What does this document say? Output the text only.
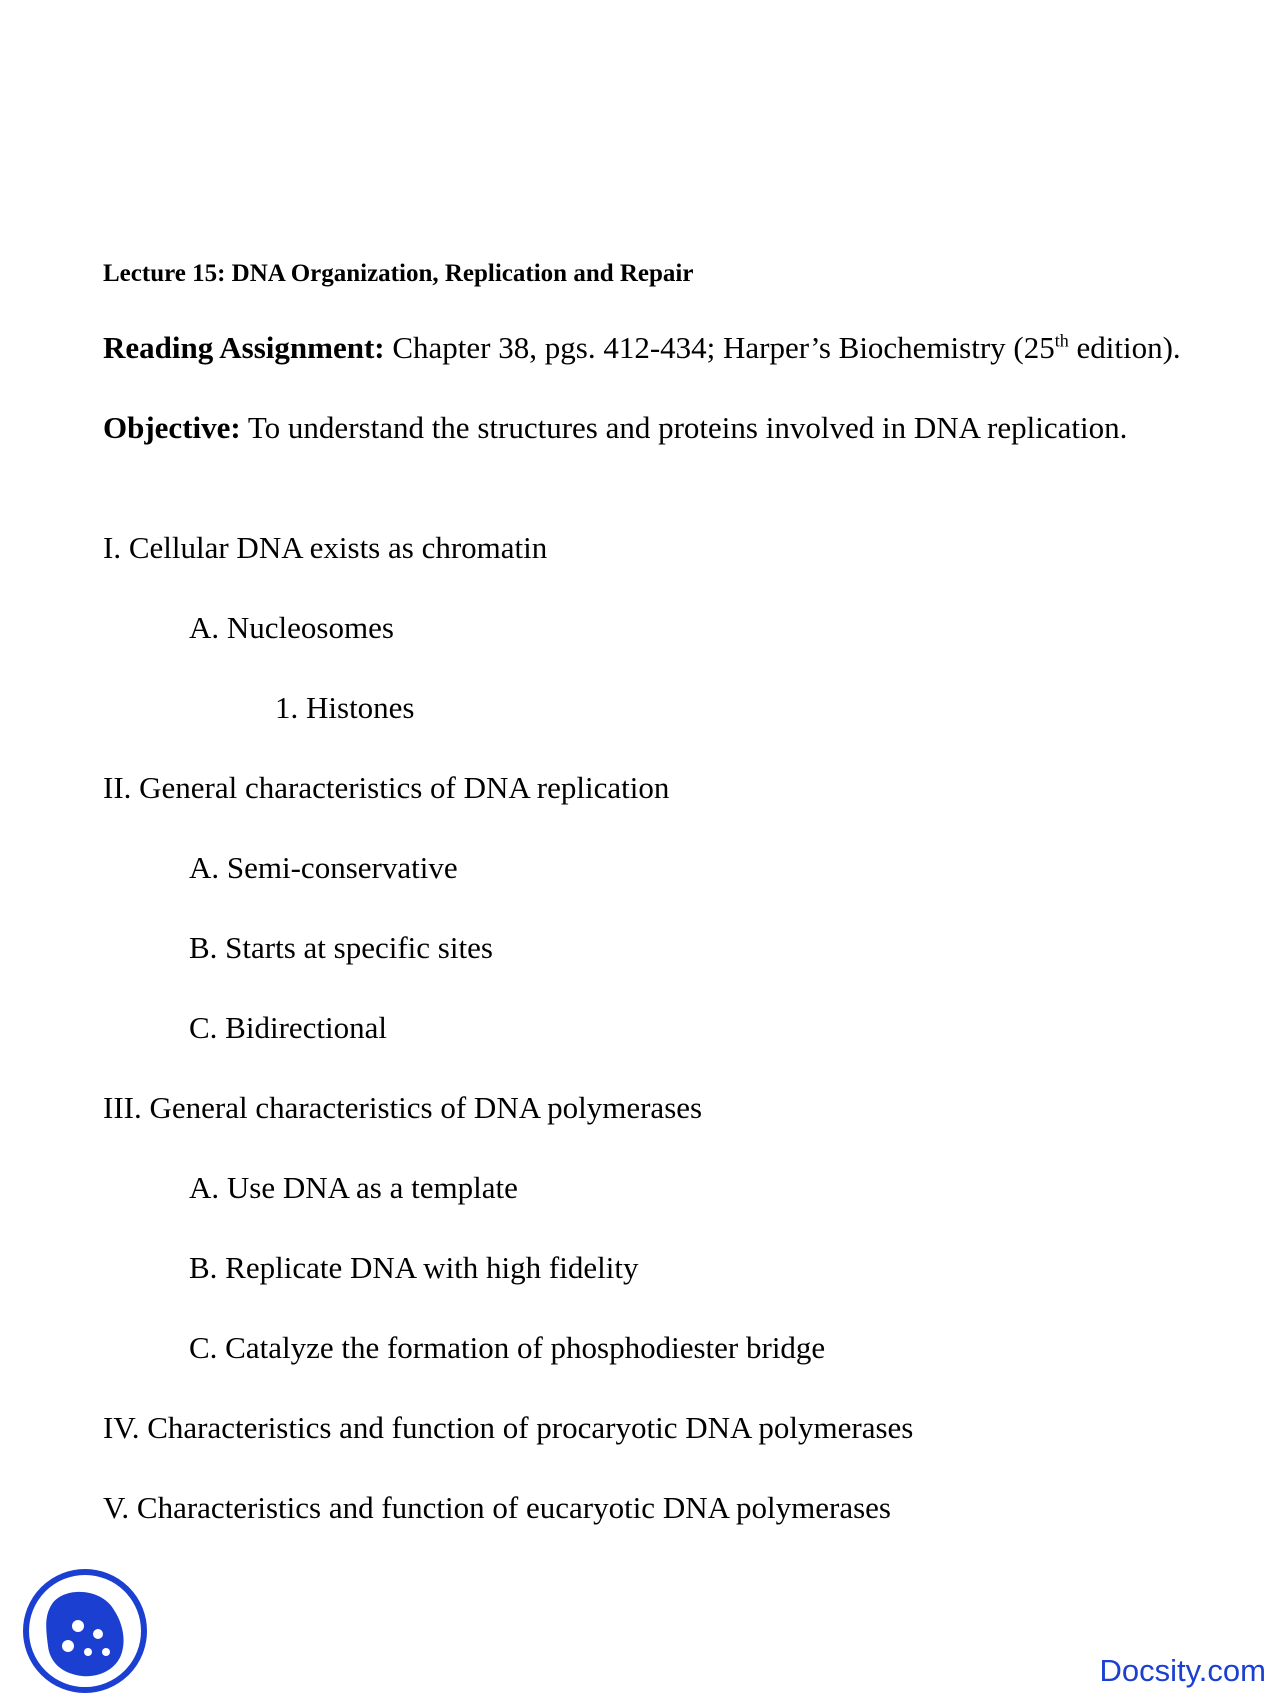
Lecture 15: DNA Organization, Replication and Repair
Reading Assignment: Chapter 38, pgs. 412-434; Harper’s Biochemistry (25th edition).
Objective: To understand the structures and proteins involved in DNA replication.
I. Cellular DNA exists as chromatin
A. Nucleosomes
1. Histones
II. General characteristics of DNA replication
A. Semi-conservative
B. Starts at specific sites
C. Bidirectional
III. General characteristics of DNA polymerases
A. Use DNA as a template
B. Replicate DNA with high fidelity
C. Catalyze the formation of phosphodiester bridge
IV. Characteristics and function of procaryotic DNA polymerases
V. Characteristics and function of eucaryotic DNA polymerases
Docsity.com
